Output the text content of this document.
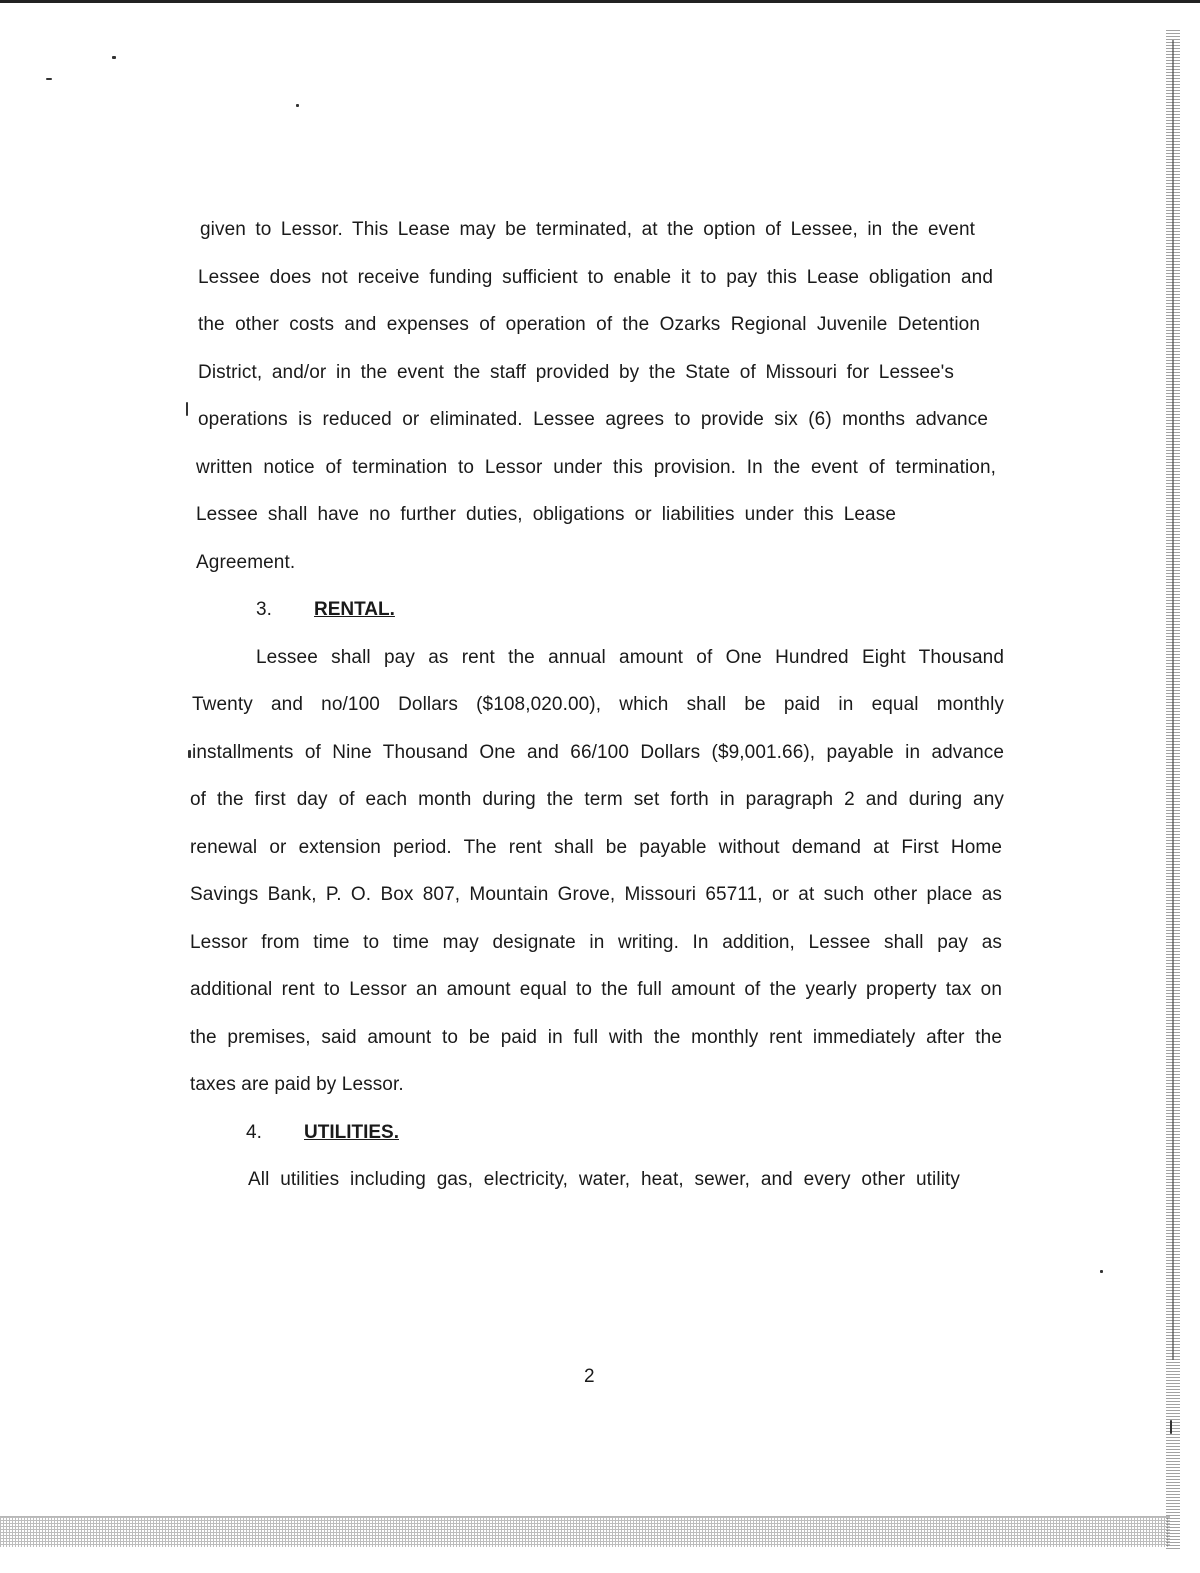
given to Lessor. This Lease may be terminated, at the option of Lessee, in the event
Lessee does not receive funding sufficient to enable it to pay this Lease obligation and
the other costs and expenses of operation of the Ozarks Regional Juvenile Detention
District, and/or in the event the staff provided by the State of Missouri for Lessee's
operations is reduced or eliminated. Lessee agrees to provide six (6) months advance
written notice of termination to Lessor under this provision. In the event of termination,
Lessee shall have no further duties, obligations or liabilities under this Lease
Agreement.
3. RENTAL.
Lessee shall pay as rent the annual amount of One Hundred Eight Thousand
Twenty and no/100 Dollars ($108,020.00), which shall be paid in equal monthly
installments of Nine Thousand One and 66/100 Dollars ($9,001.66), payable in advance
of the first day of each month during the term set forth in paragraph 2 and during any
renewal or extension period. The rent shall be payable without demand at First Home
Savings Bank, P. O. Box 807, Mountain Grove, Missouri 65711, or at such other place as
Lessor from time to time may designate in writing. In addition, Lessee shall pay as
additional rent to Lessor an amount equal to the full amount of the yearly property tax on
the premises, said amount to be paid in full with the monthly rent immediately after the
taxes are paid by Lessor.
4. UTILITIES.
All utilities including gas, electricity, water, heat, sewer, and every other utility
2
